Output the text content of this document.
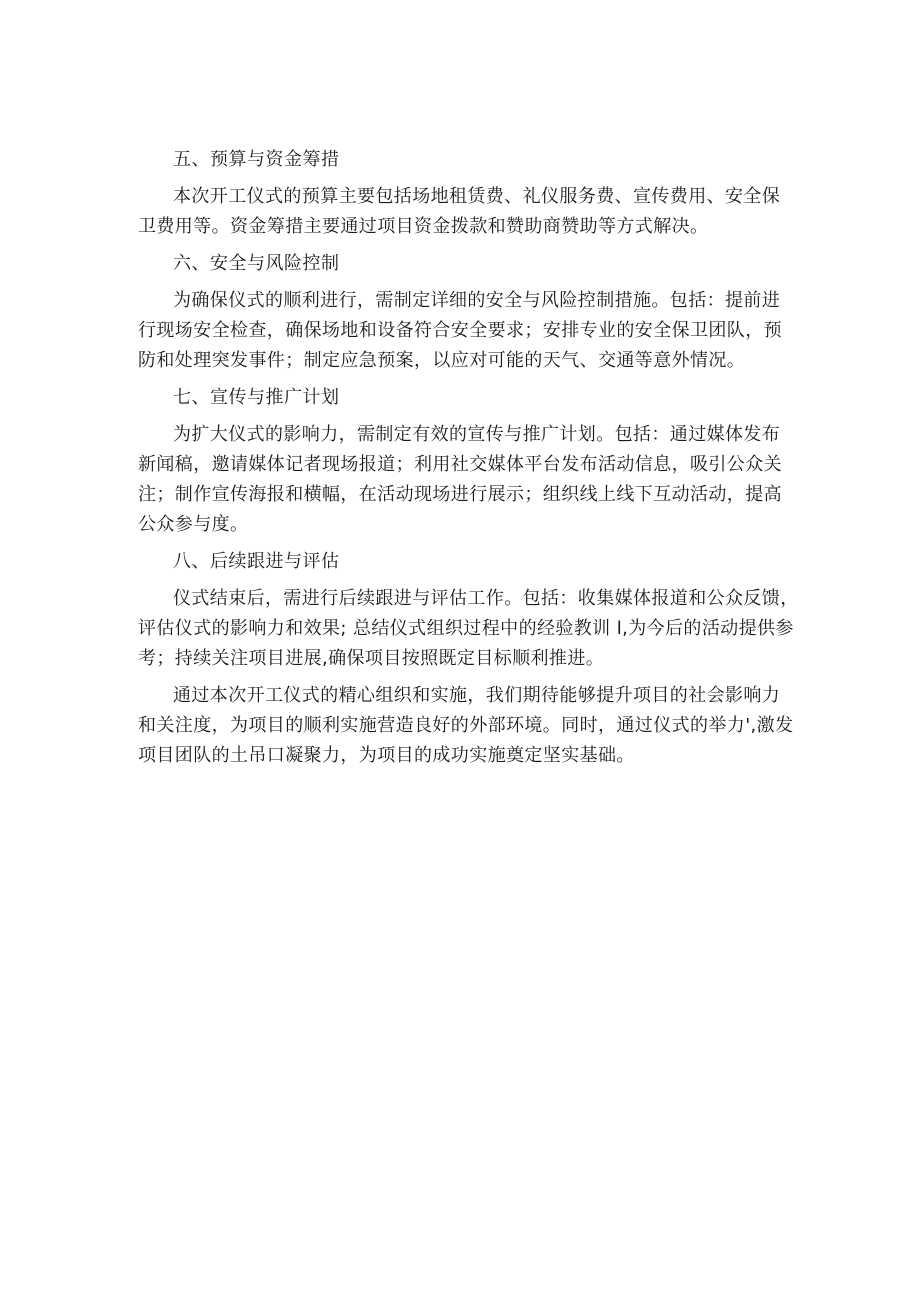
五、预算与资金筹措
本次开工仪式的预算主要包括场地租赁费、礼仪服务费、宣传费用、安全保
卫费用等。资金筹措主要通过项目资金拨款和赞助商赞助等方式解决。
六、安全与风险控制
为确保仪式的顺利进行，需制定详细的安全与风险控制措施。包括：提前进
行现场安全检查，确保场地和设备符合安全要求；安排专业的安全保卫团队，预
防和处理突发事件；制定应急预案，以应对可能的天气、交通等意外情况。
七、宣传与推广计划
为扩大仪式的影响力，需制定有效的宣传与推广计划。包括：通过媒体发布
新闻稿，邀请媒体记者现场报道；利用社交媒体平台发布活动信息，吸引公众关
注；制作宣传海报和横幅，在活动现场进行展示；组织线上线下互动活动，提高
公众参与度。
八、后续跟进与评估
仪式结束后，需进行后续跟进与评估工作。包括：收集媒体报道和公众反馈，
评估仪式的影响力和效果; 总结仪式组织过程中的经验教训 l,为今后的活动提供参
考；持续关注项目进展,确保项目按照既定目标顺利推进。
通过本次开工仪式的精心组织和实施，我们期待能够提升项目的社会影响力
和关注度，为项目的顺利实施营造良好的外部环境。同时，通过仪式的举力',激发
项目团队的土吊口凝聚力，为项目的成功实施奠定坚实基础。
